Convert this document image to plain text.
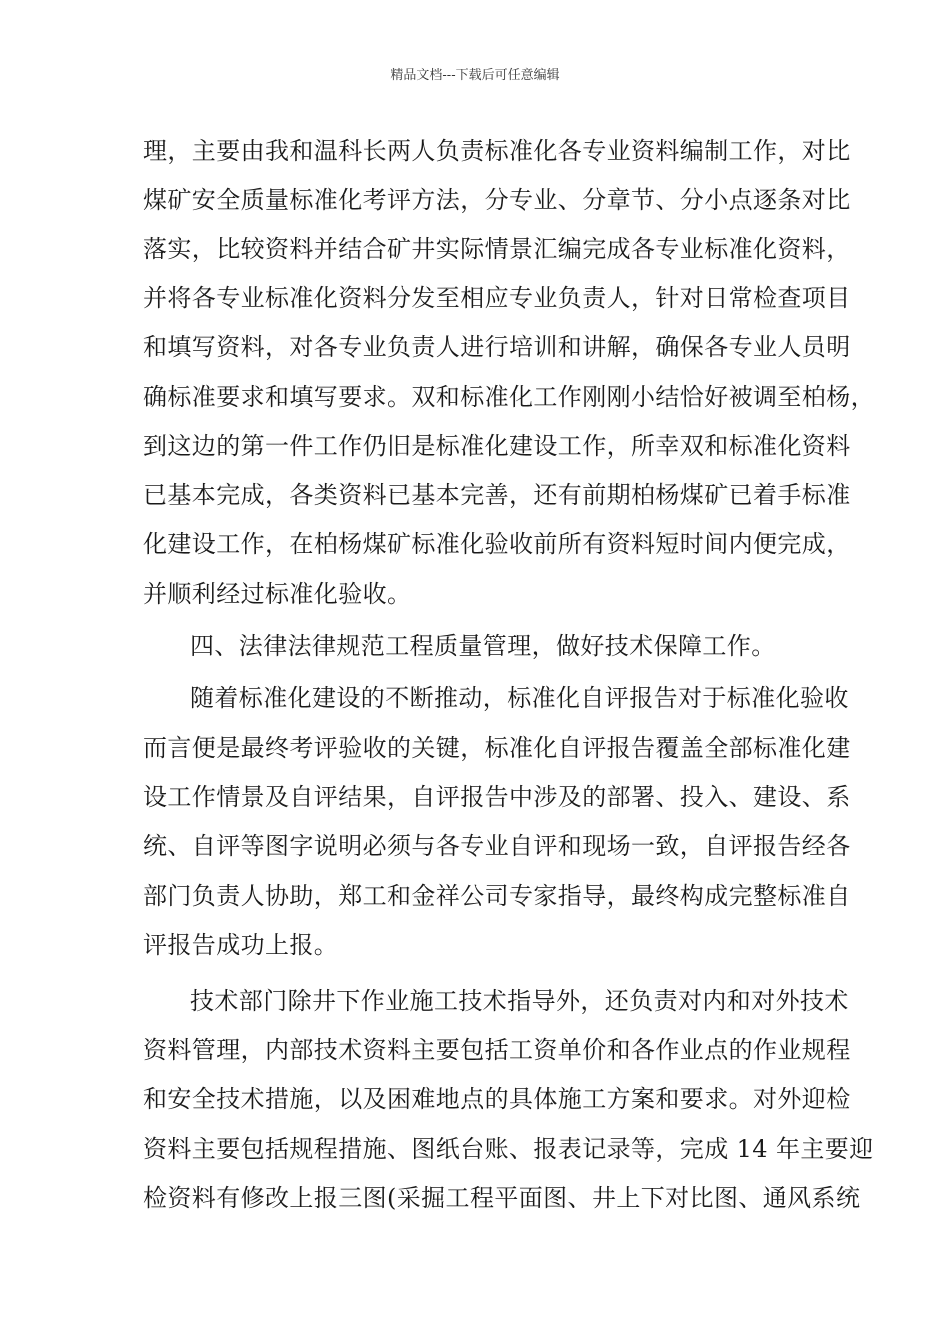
精品文档---下载后可任意编辑
理，主要由我和温科长两人负责标准化各专业资料编制工作，对比
煤矿安全质量标准化考评方法，分专业、分章节、分小点逐条对比
落实，比较资料并结合矿井实际情景汇编完成各专业标准化资料，
并将各专业标准化资料分发至相应专业负责人，针对日常检查项目
和填写资料，对各专业负责人进行培训和讲解，确保各专业人员明
确标准要求和填写要求。双和标准化工作刚刚小结恰好被调至柏杨，
到这边的第一件工作仍旧是标准化建设工作，所幸双和标准化资料
已基本完成，各类资料已基本完善，还有前期柏杨煤矿已着手标准
化建设工作，在柏杨煤矿标准化验收前所有资料短时间内便完成，
并顺利经过标准化验收。
四、法律法律规范工程质量管理，做好技术保障工作。
随着标准化建设的不断推动，标准化自评报告对于标准化验收
而言便是最终考评验收的关键，标准化自评报告覆盖全部标准化建
设工作情景及自评结果，自评报告中涉及的部署、投入、建设、系
统、自评等图字说明必须与各专业自评和现场一致，自评报告经各
部门负责人协助，郑工和金祥公司专家指导，最终构成完整标准自
评报告成功上报。
技术部门除井下作业施工技术指导外，还负责对内和对外技术
资料管理，内部技术资料主要包括工资单价和各作业点的作业规程
和安全技术措施，以及困难地点的具体施工方案和要求。对外迎检
资料主要包括规程措施、图纸台账、报表记录等，完成 14 年主要迎
检资料有修改上报三图(采掘工程平面图、井上下对比图、通风系统
